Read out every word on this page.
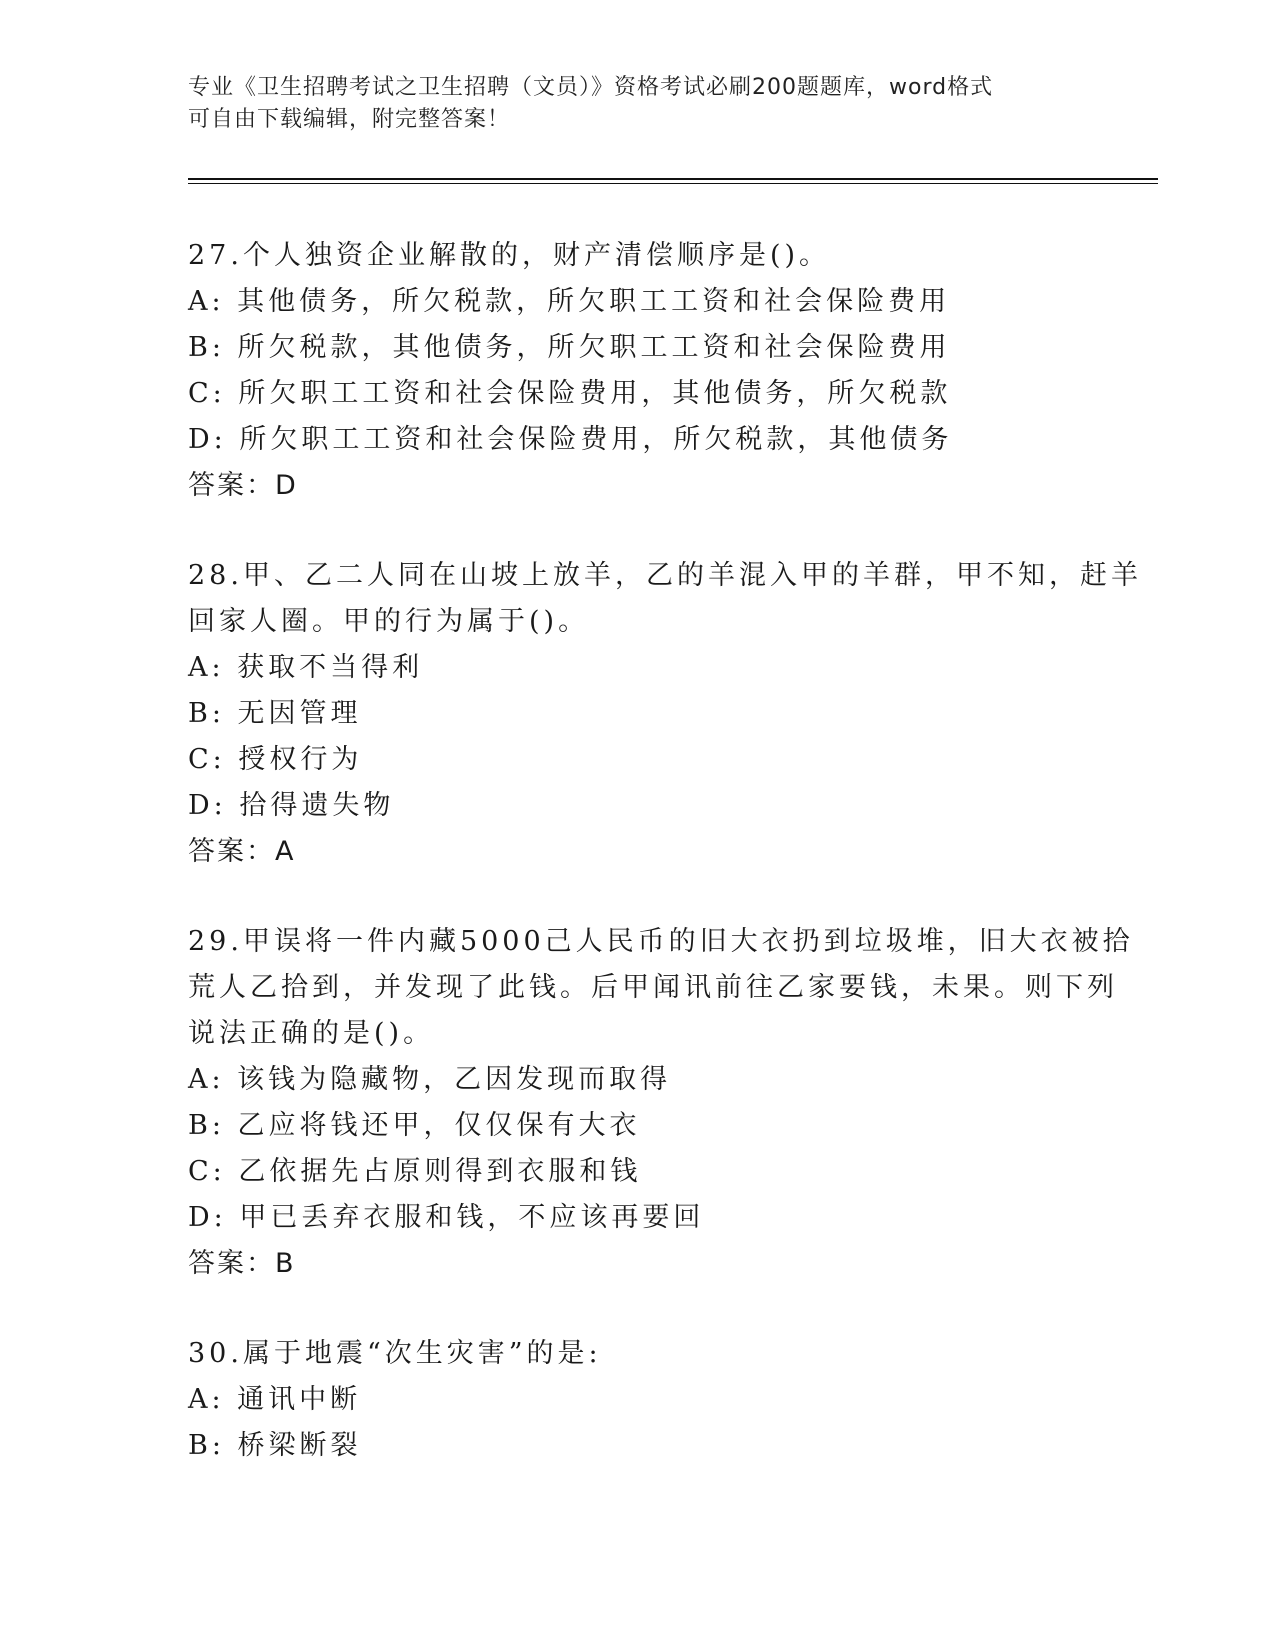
专业《卫生招聘考试之卫生招聘（文员）》资格考试必刷200题题库，word格式
可自由下载编辑，附完整答案！
27.个人独资企业解散的，财产清偿顺序是()。
A: 其他债务，所欠税款，所欠职工工资和社会保险费用
B: 所欠税款，其他债务，所欠职工工资和社会保险费用
C: 所欠职工工资和社会保险费用，其他债务，所欠税款
D: 所欠职工工资和社会保险费用，所欠税款，其他债务
答案：D
28.甲、乙二人同在山坡上放羊，乙的羊混入甲的羊群，甲不知，赶羊
回家人圈。甲的行为属于()。
A: 获取不当得利
B: 无因管理
C: 授权行为
D: 拾得遗失物
答案：A
29.甲误将一件内藏5000己人民币的旧大衣扔到垃圾堆，旧大衣被拾
荒人乙拾到，并发现了此钱。后甲闻讯前往乙家要钱，未果。则下列
说法正确的是()。
A: 该钱为隐藏物，乙因发现而取得
B: 乙应将钱还甲，仅仅保有大衣
C: 乙依据先占原则得到衣服和钱
D: 甲已丢弃衣服和钱，不应该再要回
答案：B
30.属于地震“次生灾害”的是:
A: 通讯中断
B: 桥梁断裂
